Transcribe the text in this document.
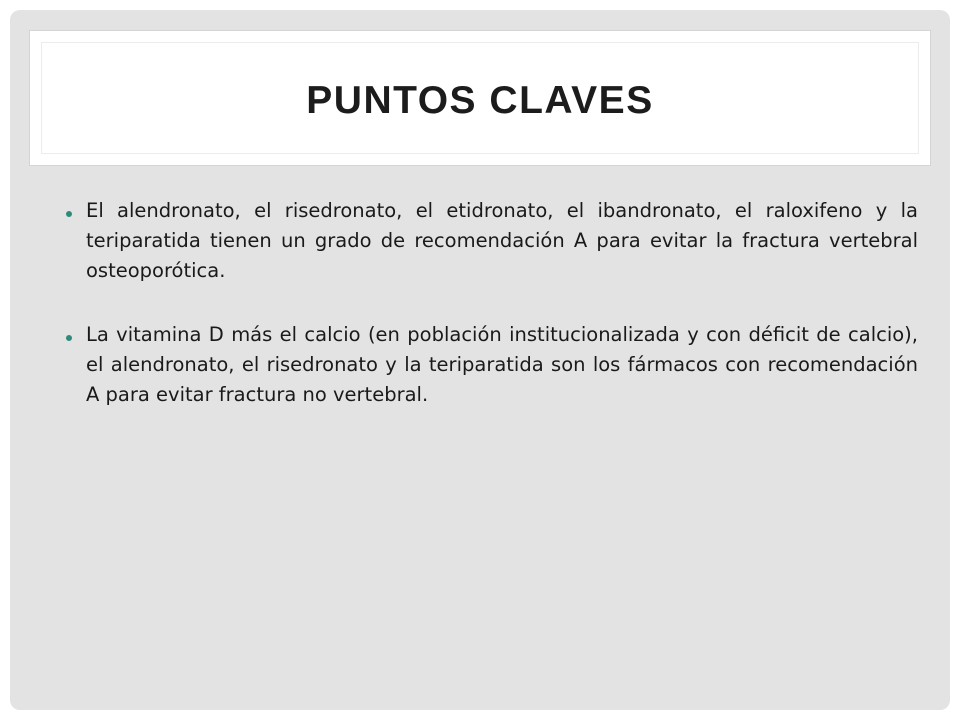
PUNTOS CLAVES
El alendronato, el risedronato, el etidronato, el ibandronato, el raloxifeno y la teriparatida tienen un grado de recomendación A para evitar la fractura vertebral osteoporótica.
La vitamina D más el calcio (en población institucionalizada y con déficit de calcio), el alendronato, el risedronato y la teriparatida son los fármacos con recomendación A para evitar fractura no vertebral.
